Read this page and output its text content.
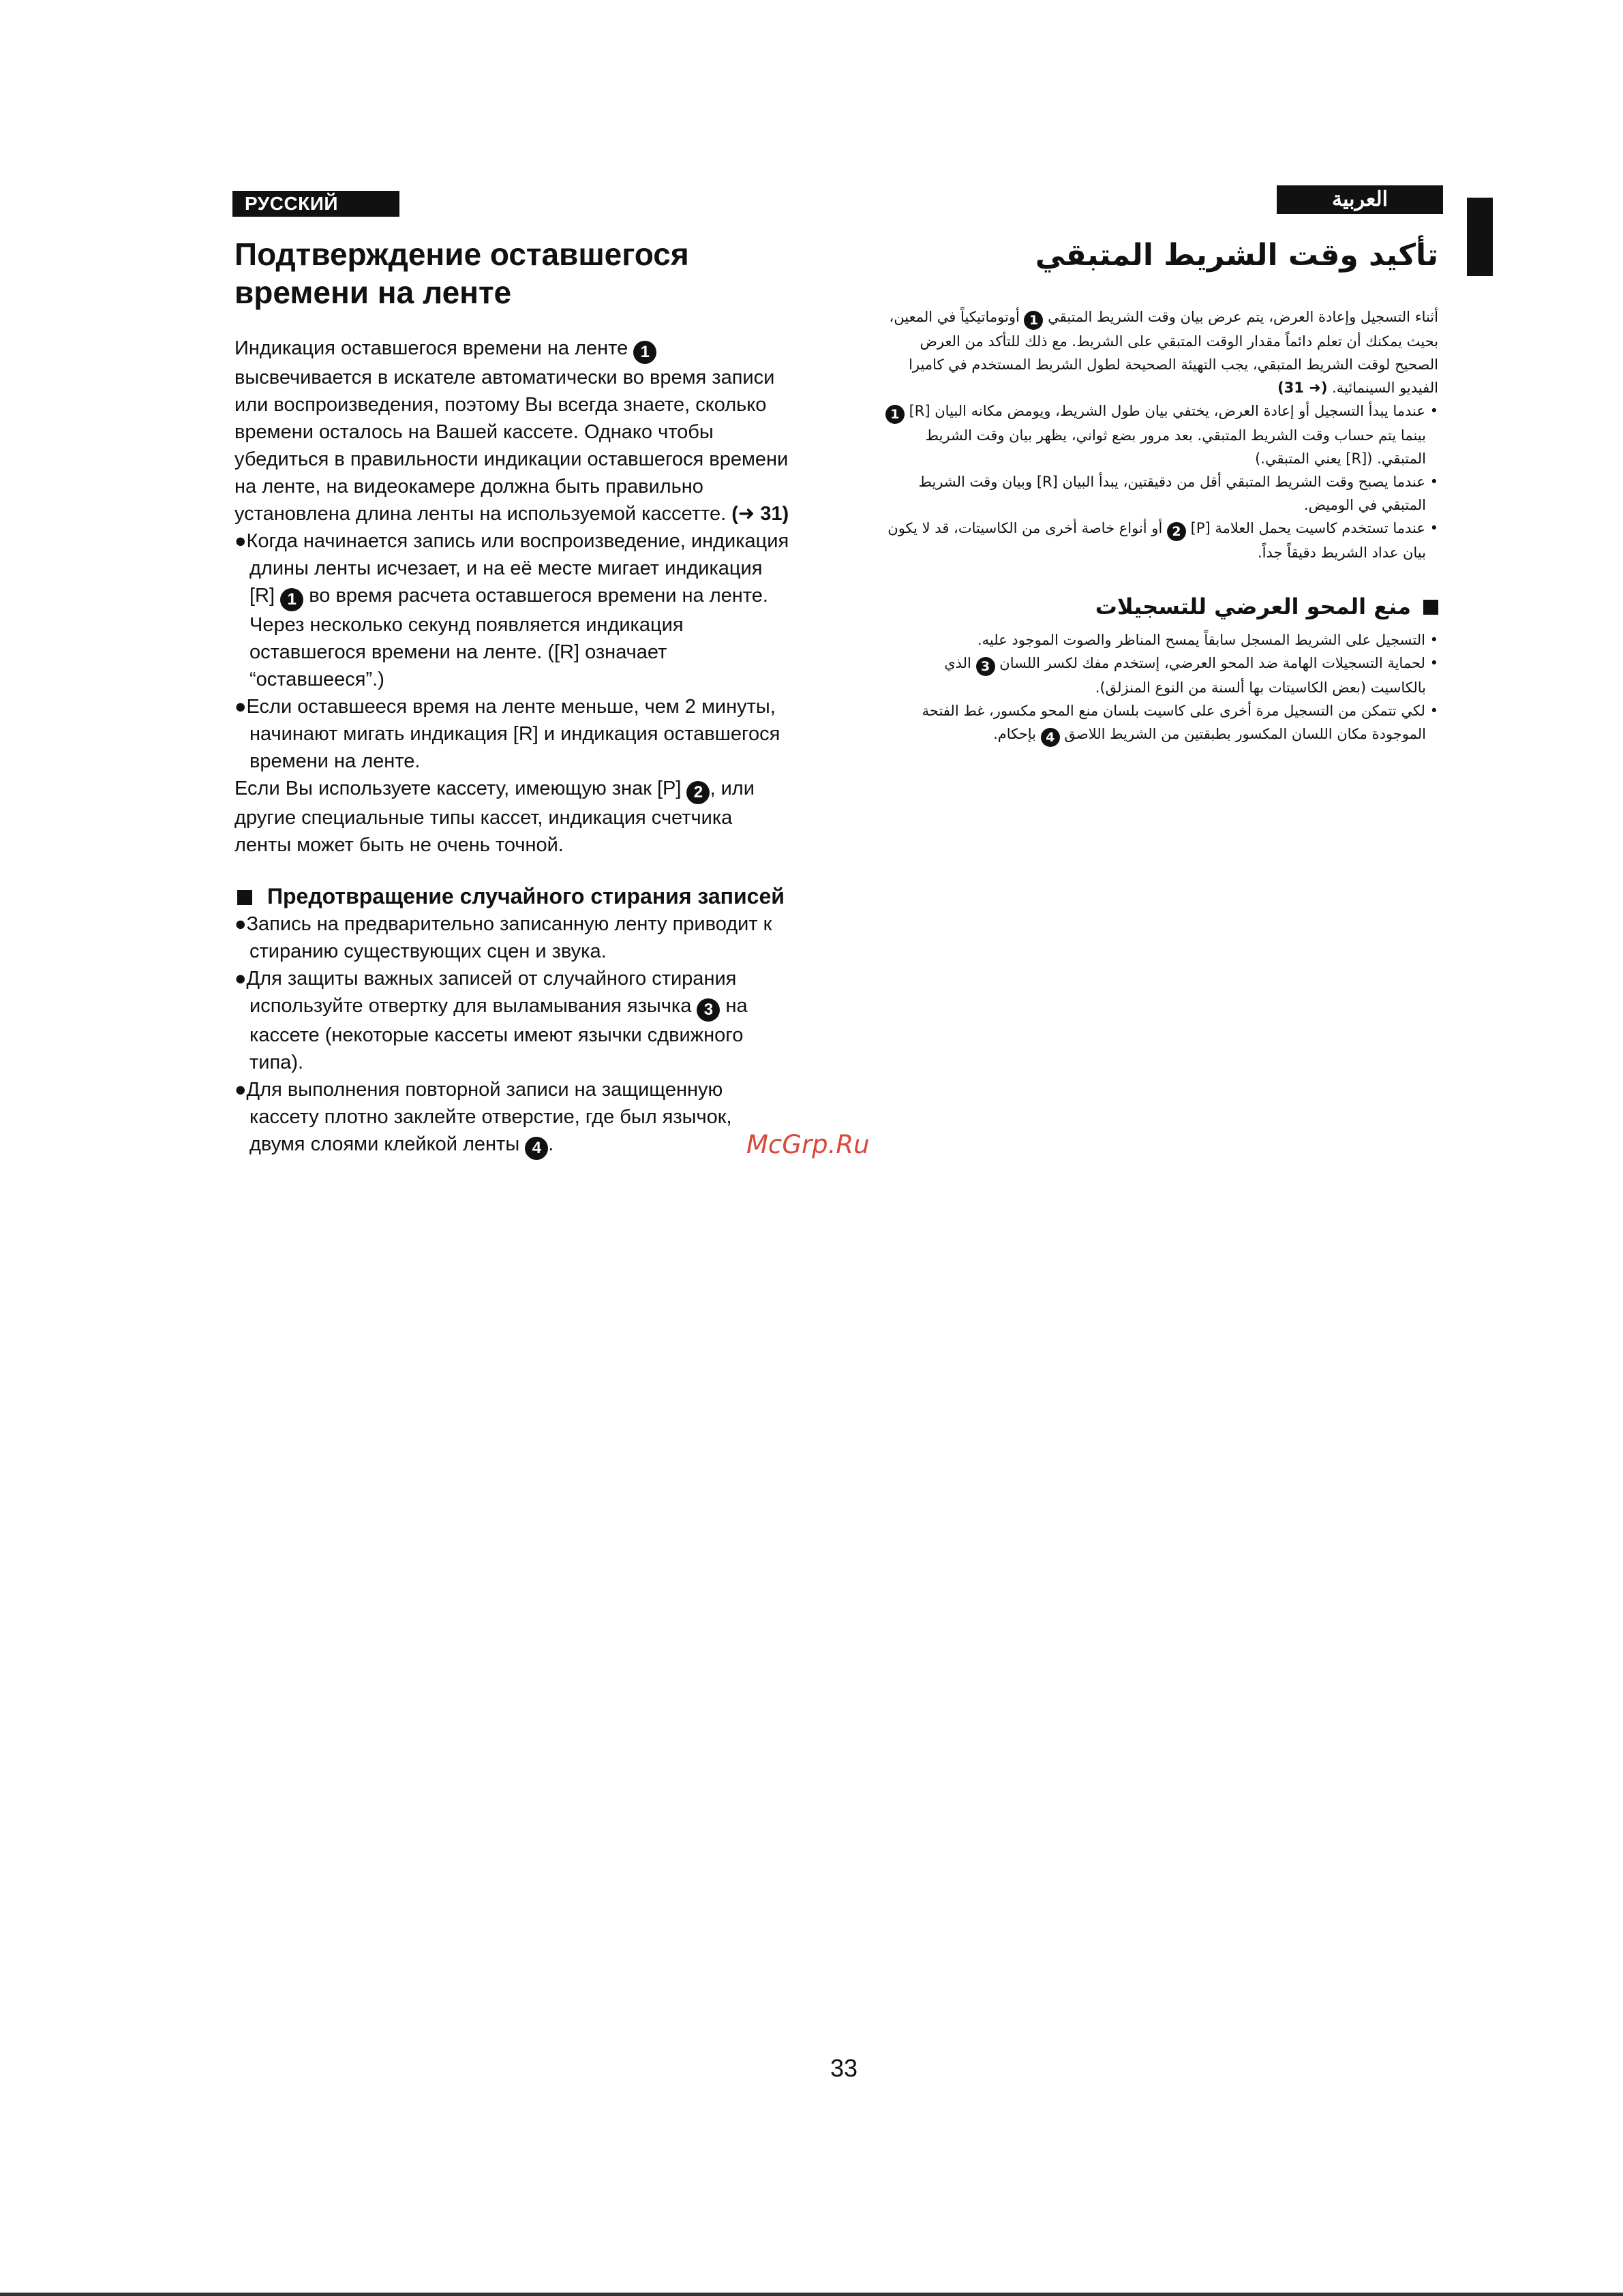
РУССКИЙ ЯЗЫК
العربية
Подтверждение оставшегося времени на ленте

Индикация оставшегося времени на ленте 1
высвечивается в искателе автоматически во время записи или воспроизведения, поэтому Вы всегда знаете, сколько времени осталось на Вашей кассете. Однако чтобы убедиться в правильности индикации оставшегося времени на ленте, на видеокамере должна быть правильно установлена длина ленты на используемой кассетте. (➜ 31)

●Когда начинается запись или воспроизведение, индикация длины ленты исчезает, и на её месте мигает индикация [R] 1 во время расчета оставшегося времени на ленте. Через несколько секунд появляется индикация оставшегося времени на ленте. ([R] означает “оставшееся”.)

●Если оставшееся время на ленте меньше, чем 2 минуты, начинают мигать индикация [R] и индикация оставшегося времени на ленте.

Если Вы используете кассету, имеющую знак [P] 2 , или другие специальные типы кассет, индикация счетчика ленты может быть не очень точной.

Предотвращение случайного стирания записей

●Запись на предварительно записанную ленту приводит к стиранию существующих сцен и звука.

●Для защиты важных записей от случайного стирания используйте отвертку для выламывания язычка 3 на кассете (некоторые кассеты имеют язычки сдвижного типа).

●Для выполнения повторной записи на защищенную кассету плотно заклейте отверстие, где был язычок, двумя слоями клейкой ленты 4 .

تأكيد وقت الشريط المتبقي

أثناء التسجيل وإعادة العرض، يتم عرض بيان وقت الشريط المتبقي 1 أوتوماتيكياً في المعين، بحيث يمكنك أن تعلم دائماً مقدار الوقت المتبقي على الشريط. مع ذلك للتأكد من العرض الصحيح لوقت الشريط المتبقي، يجب التهيئة الصحيحة لطول الشريط المستخدم في كاميرا الفيديو السينمائية. (➜ 31)

• عندما يبدأ التسجيل أو إعادة العرض، يختفي بيان طول الشريط، ويومض مكانه البيان [R] 1 بينما يتم حساب وقت الشريط المتبقي. بعد مرور بضع ثواني، يظهر بيان وقت الشريط المتبقي. ([R] يعني المتبقي.)

• عندما يصبح وقت الشريط المتبقي أقل من دقيقتين، يبدأ البيان [R] وبيان وقت الشريط المتبقي في الوميض.

• عندما تستخدم كاسيت يحمل العلامة [P] 2 أو أنواع خاصة أخرى من الكاسيتات، قد لا يكون بيان عداد الشريط دقيقاً جداً.

منع المحو العرضي للتسجيلات

• التسجيل على الشريط المسجل سابقاً يمسح المناظر والصوت الموجود عليه.

• لحماية التسجيلات الهامة ضد المحو العرضي، إستخدم مفك لكسر اللسان 3 الذي بالكاسيت (بعض الكاسيتات بها ألسنة من النوع المنزلق).

• لكي تتمكن من التسجيل مرة أخرى على كاسيت بلسان منع المحو مكسور، غط الفتحة الموجودة مكان اللسان المكسور بطبقتين من الشريط اللاصق 4 بإحكام.

McGrp.Ru
33
